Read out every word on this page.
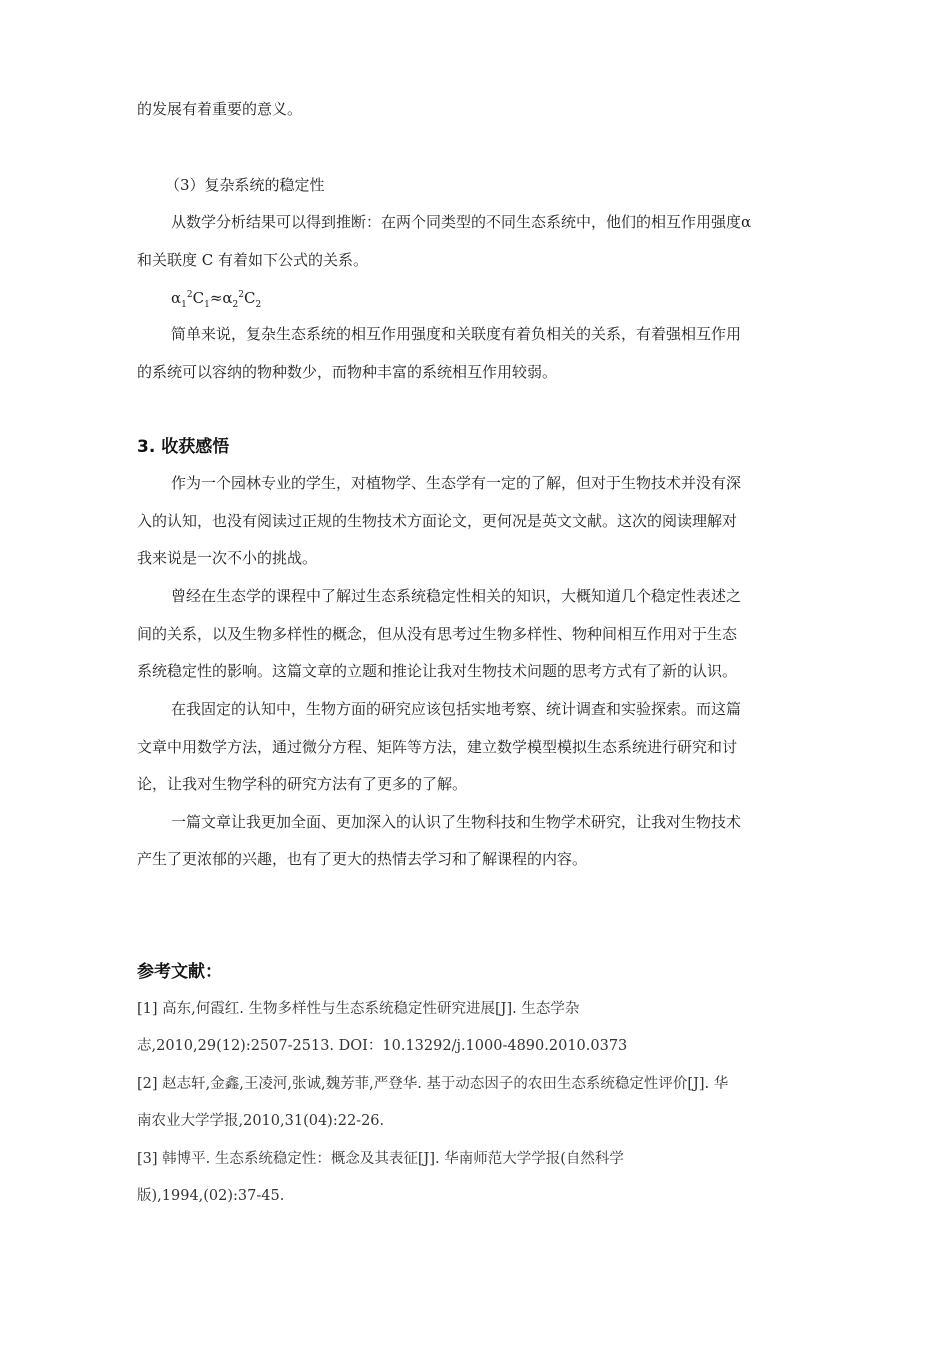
的发展有着重要的意义。
（3）复杂系统的稳定性
从数学分析结果可以得到推断：在两个同类型的不同生态系统中，他们的相互作用强度α
和关联度 C 有着如下公式的关系。
$\alpha_1^2C_1\approx\alpha_2^2C_2$
简单来说，复杂生态系统的相互作用强度和关联度有着负相关的关系，有着强相互作用
的系统可以容纳的物种数少，而物种丰富的系统相互作用较弱。
3. 收获感悟
作为一个园林专业的学生，对植物学、生态学有一定的了解，但对于生物技术并没有深
入的认知，也没有阅读过正规的生物技术方面论文，更何况是英文文献。这次的阅读理解对
我来说是一次不小的挑战。
曾经在生态学的课程中了解过生态系统稳定性相关的知识，大概知道几个稳定性表述之
间的关系，以及生物多样性的概念，但从没有思考过生物多样性、物种间相互作用对于生态
系统稳定性的影响。这篇文章的立题和推论让我对生物技术问题的思考方式有了新的认识。
在我固定的认知中，生物方面的研究应该包括实地考察、统计调查和实验探索。而这篇
文章中用数学方法，通过微分方程、矩阵等方法，建立数学模型模拟生态系统进行研究和讨
论，让我对生物学科的研究方法有了更多的了解。
一篇文章让我更加全面、更加深入的认识了生物科技和生物学术研究，让我对生物技术
产生了更浓郁的兴趣，也有了更大的热情去学习和了解课程的内容。
参考文献：
[1] 高东,何霞红. 生物多样性与生态系统稳定性研究进展[J]. 生态学杂
志,2010,29(12):2507-2513. DOI：10.13292/j.1000-4890.2010.0373
[2] 赵志轩,金鑫,王凌河,张诚,魏芳菲,严登华. 基于动态因子的农田生态系统稳定性评价[J]. 华
南农业大学学报,2010,31(04):22-26.
[3] 韩博平. 生态系统稳定性：概念及其表征[J]. 华南师范大学学报(自然科学
版),1994,(02):37-45.
